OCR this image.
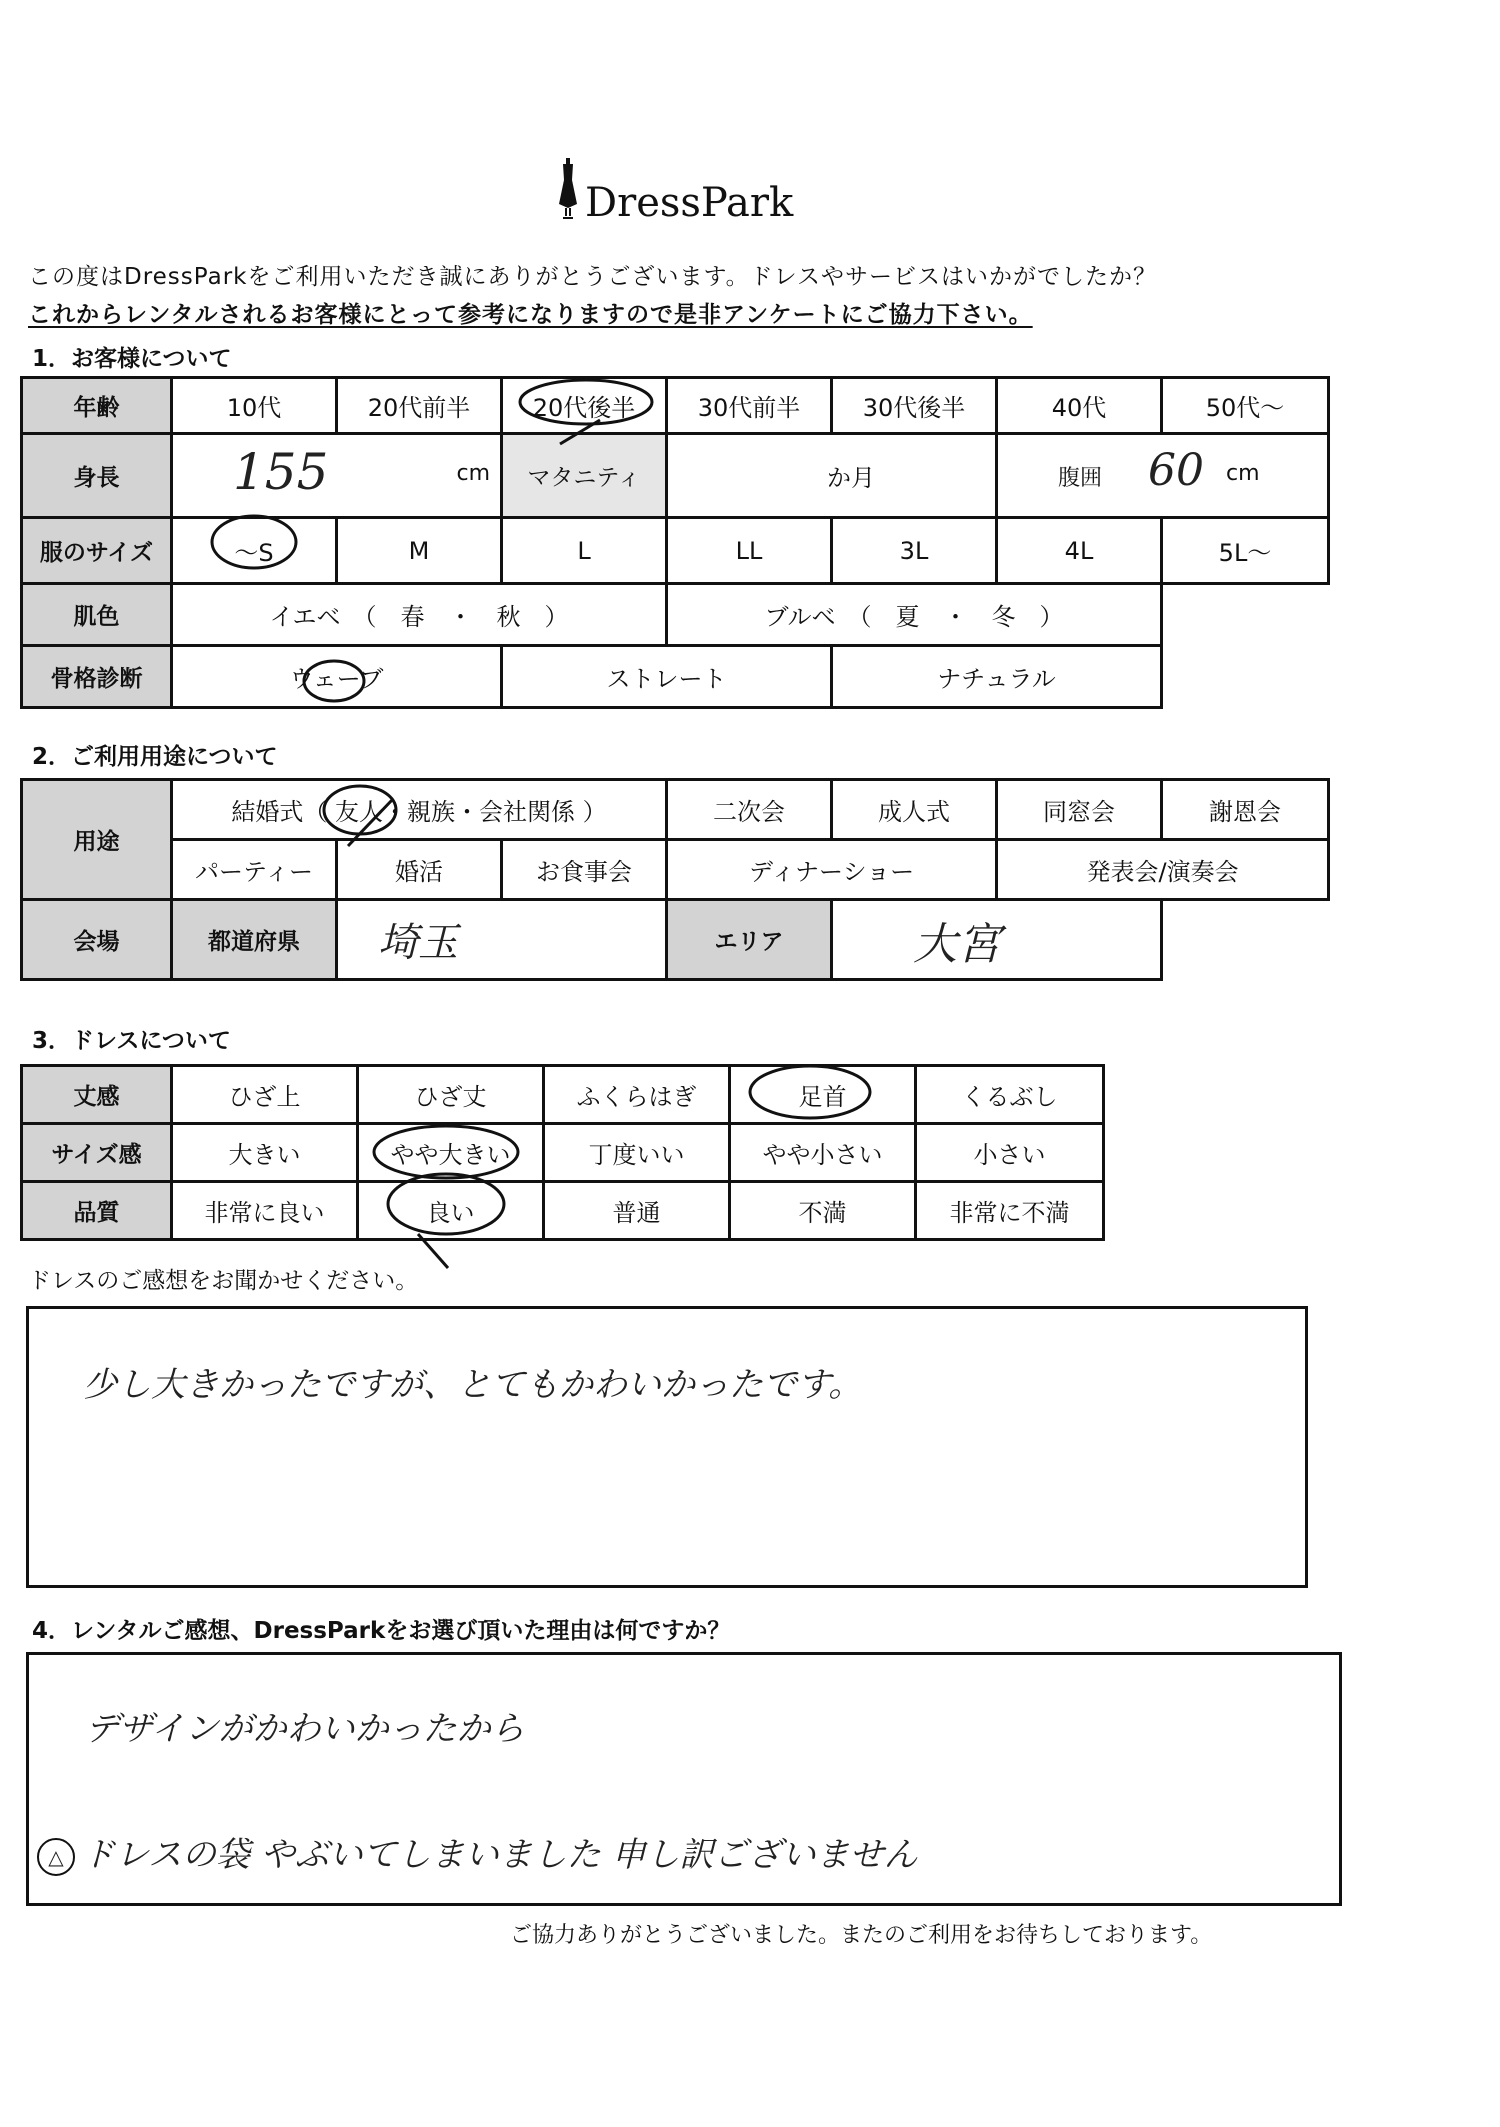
DressPark
この度はDressParkをご利用いただき誠にありがとうございます。ドレスやサービスはいかがでしたか？
これからレンタルされるお客様にとって参考になりますので是非アンケートにご協力下さい。
1．お客様について
年齢	10代	20代前半	20代後半	30代前半	30代後半	40代	50代～
身長	155 cm		マタニティ	か月		腹囲 60 cm	

服のサイズ	～S	M	L	LL	3L	4L	5L～
肌色	イエベ　（　春　・　秋　）			ブルベ　（　夏　・　冬　）			
骨格診断	ウェーブ		ストレート		ナチュラル		
2．ご利用用途について
用途	結婚式（ 友人・親族・会社関係 ）			二次会	成人式	同窓会	謝恩会
	パーティー	婚活	お食事会	ディナーショー		発表会/演奏会	
会場	都道府県	埼玉		エリア	大宮		
3．ドレスについて
丈感	ひざ上	ひざ丈	ふくらはぎ	足首	くるぶし
サイズ感	大きい	やや大きい	丁度いい	やや小さい	小さい
品質	非常に良い	良い	普通	不満	非常に不満
ドレスのご感想をお聞かせください。
少し大きかったですが、とてもかわいかったです。
4．レンタルご感想、DressParkをお選び頂いた理由は何ですか？
デザインがかわいかったから
△ ドレスの袋 やぶいてしまいました 申し訳ございません
ご協力ありがとうございました。またのご利用をお待ちしております。
